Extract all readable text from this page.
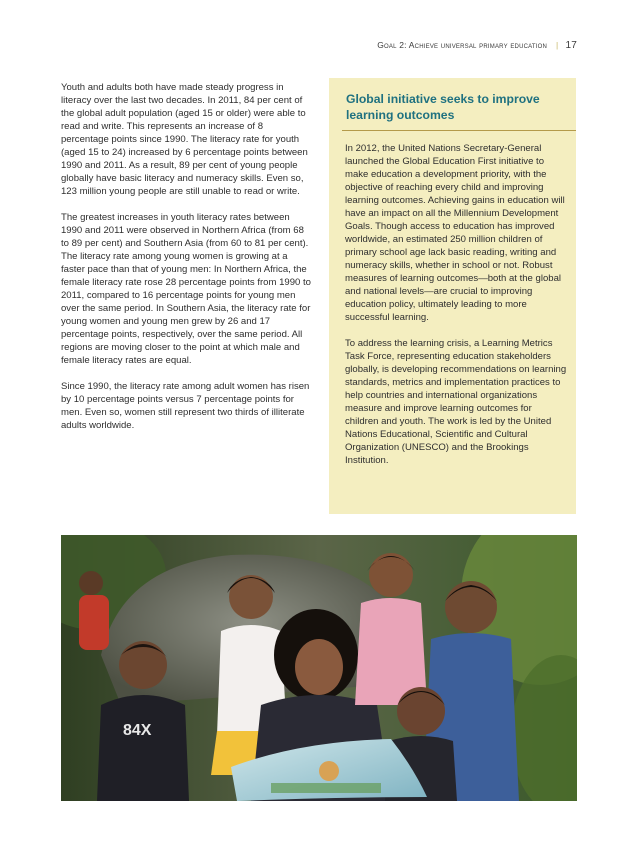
Goal 2: Achieve universal primary education | 17

Youth and adults both have made steady progress in literacy over the last two decades. In 2011, 84 per cent of the global adult population (aged 15 or older) were able to read and write. This represents an increase of 8 percentage points since 1990. The literacy rate for youth (aged 15 to 24) increased by 6 percentage points between 1990 and 2011. As a result, 89 per cent of young people globally have basic literacy and numeracy skills. Even so, 123 million young people are still unable to read or write.

The greatest increases in youth literacy rates between 1990 and 2011 were observed in Northern Africa (from 68 to 89 per cent) and Southern Asia (from 60 to 81 per cent). The literacy rate among young women is growing at a faster pace than that of young men: In Northern Africa, the female literacy rate rose 28 percentage points from 1990 to 2011, compared to 16 percentage points for young men over the same period. In Southern Asia, the literacy rate for young women and young men grew by 26 and 17 percentage points, respectively, over the same period. All regions are moving closer to the point at which male and female literacy rates are equal.

Since 1990, the literacy rate among adult women has risen by 10 percentage points versus 7 percentage points for men. Even so, women still represent two thirds of illiterate adults worldwide.

Global initiative seeks to improve learning outcomes

In 2012, the United Nations Secretary-General launched the Global Education First initiative to make education a development priority, with the objective of reaching every child and improving learning outcomes. Achieving gains in education will have an impact on all the Millennium Development Goals. Though access to education has improved worldwide, an estimated 250 million children of primary school age lack basic reading, writing and numeracy skills, whether in school or not. Robust measures of learning outcomes—both at the global and national levels—are crucial to improving education policy, ultimately leading to more successful learning.

To address the learning crisis, a Learning Metrics Task Force, representing education stakeholders globally, is developing recommendations on learning standards, metrics and implementation practices to help countries and international organizations measure and improve learning outcomes for children and youth. The work is led by the United Nations Educational, Scientific and Cultural Organization (UNESCO) and the Brookings Institution.

84X
